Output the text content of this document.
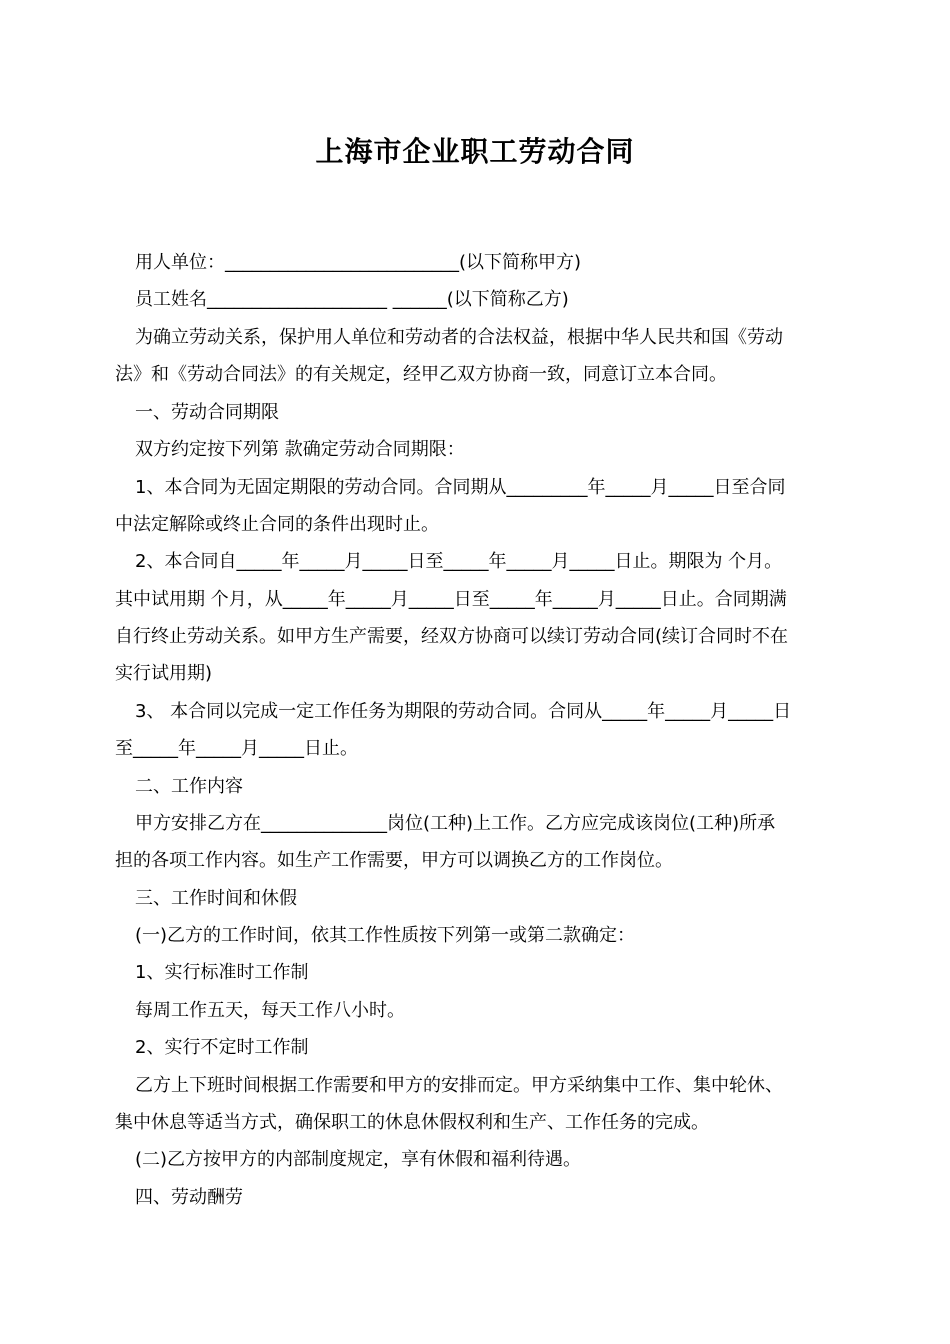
上海市企业职工劳动合同
用人单位：__________________________(以下简称甲方)
员工姓名____________________ ______(以下简称乙方)
为确立劳动关系，保护用人单位和劳动者的合法权益，根据中华人民共和国《劳动
法》和《劳动合同法》的有关规定，经甲乙双方协商一致，同意订立本合同。
一、劳动合同期限
双方约定按下列第 款确定劳动合同期限：
1、本合同为无固定期限的劳动合同。合同期从_________年_____月_____日至合同
中法定解除或终止合同的条件出现时止。
2、本合同自_____年_____月_____日至_____年_____月_____日止。期限为 个月。
其中试用期 个月，从_____年_____月_____日至_____年_____月_____日止。合同期满
自行终止劳动关系。如甲方生产需要，经双方协商可以续订劳动合同(续订合同时不在
实行试用期)
3、 本合同以完成一定工作任务为期限的劳动合同。合同从_____年_____月_____日
至_____年_____月_____日止。
二、工作内容
甲方安排乙方在______________岗位(工种)上工作。乙方应完成该岗位(工种)所承
担的各项工作内容。如生产工作需要，甲方可以调换乙方的工作岗位。
三、工作时间和休假
(一)乙方的工作时间，依其工作性质按下列第一或第二款确定：
1、实行标准时工作制
每周工作五天，每天工作八小时。
2、实行不定时工作制
乙方上下班时间根据工作需要和甲方的安排而定。甲方采纳集中工作、集中轮休、
集中休息等适当方式，确保职工的休息休假权利和生产、工作任务的完成。
(二)乙方按甲方的内部制度规定，享有休假和福利待遇。
四、劳动酬劳
